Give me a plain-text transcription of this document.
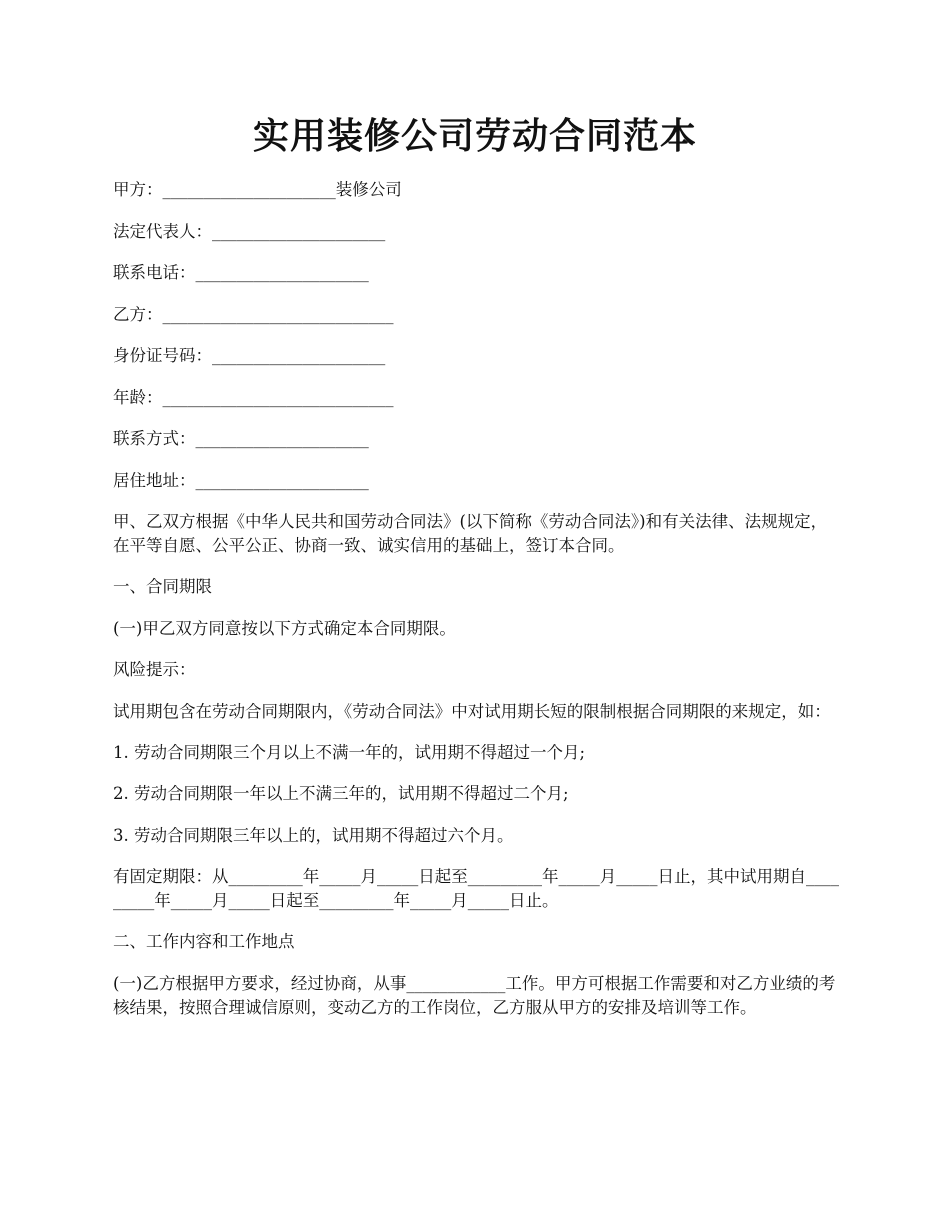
实用装修公司劳动合同范本

甲方：_____________________装修公司

法定代表人：_____________________

联系电话：_____________________

乙方：____________________________

身份证号码：_____________________

年龄：____________________________

联系方式：_____________________

居住地址：_____________________

甲、乙双方根据《中华人民共和国劳动合同法》(以下简称《劳动合同法》)和有关法律、法规规定，在平等自愿、公平公正、协商一致、诚实信用的基础上，签订本合同。

一、合同期限

(一)甲乙双方同意按以下方式确定本合同期限。

风险提示：

试用期包含在劳动合同期限内，《劳动合同法》中对试用期长短的限制根据合同期限的来规定，如：

1. 劳动合同期限三个月以上不满一年的，试用期不得超过一个月;

2. 劳动合同期限一年以上不满三年的，试用期不得超过二个月;

3. 劳动合同期限三年以上的，试用期不得超过六个月。

有固定期限：从_________年_____月_____日起至_________年_____月_____日止，其中试用期自_________年_____月_____日起至_________年_____月_____日止。

二、工作内容和工作地点

(一)乙方根据甲方要求，经过协商，从事____________工作。甲方可根据工作需要和对乙方业绩的考核结果，按照合理诚信原则，变动乙方的工作岗位，乙方服从甲方的安排及培训等工作。
